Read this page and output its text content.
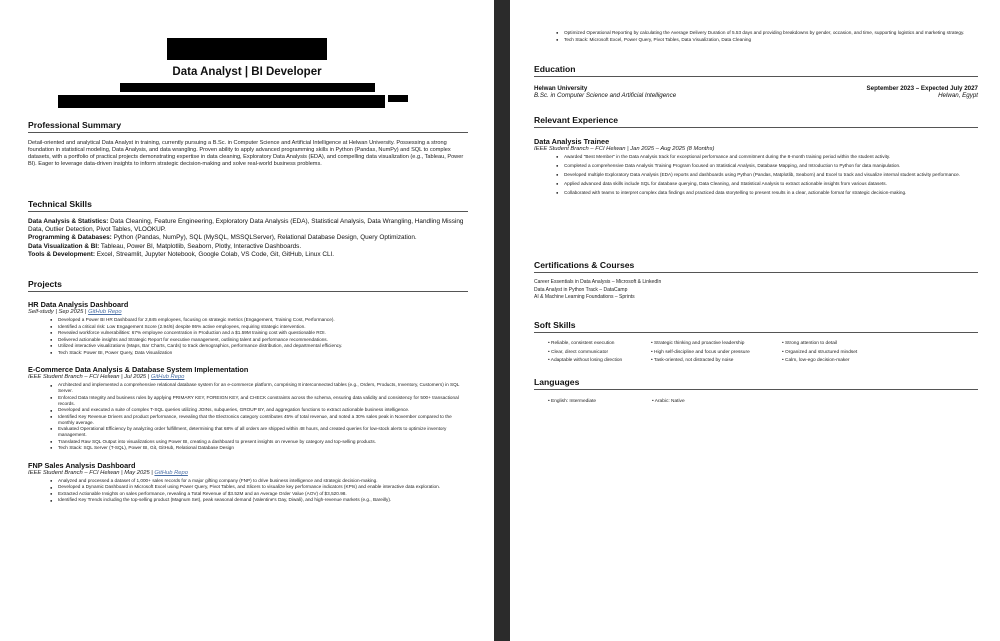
Data Analyst | BI Developer
Professional Summary
Detail-oriented and analytical Data Analyst in training, currently pursuing a B.Sc. in Computer Science and Artificial Intelligence at Helwan University. Possessing a strong foundation in statistical modeling, Data Analysis, and data wrangling. Proven ability to apply advanced programming skills in Python (Pandas, NumPy) and SQL to complex datasets, with a portfolio of practical projects demonstrating expertise in data cleaning, Exploratory Data Analysis (EDA), and compelling data visualization (e.g., Tableau, Power BI). Eager to leverage data-driven insights to inform strategic decision-making and solve real-world business problems.
Technical Skills
Data Analysis & Statistics: Data Cleaning, Feature Engineering, Exploratory Data Analysis (EDA), Statistical Analysis, Data Wrangling, Handling Missing Data, Outlier Detection, Pivot Tables, VLOOKUP.
Programming & Databases: Python (Pandas, NumPy), SQL (MySQL, MSSQLServer), Relational Database Design, Query Optimization.
Data Visualization & BI: Tableau, Power BI, Matplotlib, Seaborn, Plotly, Interactive Dashboards.
Tools & Development: Excel, Streamlit, Jupyter Notebook, Google Colab, VS Code, Git, GitHub, Linux CLI.
Projects
HR Data Analysis Dashboard
Self-study | Sep 2025 | GitHub Repo
● Developed a Power BI HR Dashboard for 2,845 employees, focusing on strategic metrics (Engagement, Training Cost, Performance).
● Identified a critical risk: Low Engagement Score (2.94/6) despite 86% active employees, requiring strategic intervention.
● Revealed workforce vulnerabilities: 67% employee concentration in Production and a $1.59M training cost with questionable ROI.
● Delivered actionable insights and Strategic Report for executive management, outlining talent and performance recommendations.
● Utilized interactive visualizations (Maps, Bar Charts, Cards) to track demographics, performance distribution, and departmental efficiency.
● Tech Stack: Power BI, Power Query, Data Visualization
E-Commerce Data Analysis & Database System Implementation
IEEE Student Branch – FCI Helwan | Jul 2025 | GitHub Repo
● Architected and implemented a comprehensive relational database system for an e-commerce platform, comprising 8 interconnected tables (e.g., Orders, Products, Inventory, Customers) in SQL Server.
● Enforced Data Integrity and business rules by applying PRIMARY KEY, FOREIGN KEY, and CHECK constraints across the schema, ensuring data validity and consistency for 500+ transactional records.
● Developed and executed a suite of complex T-SQL queries utilizing JOINs, subqueries, GROUP BY, and aggregation functions to extract actionable business intelligence.
● Identified Key Revenue Drivers and product performance, revealing that the Electronics category contributes 45% of total revenue, and noted a 30% sales peak in November compared to the monthly average.
● Evaluated Operational Efficiency by analyzing order fulfillment, determining that 68% of all orders are shipped within 48 hours, and created queries for low-stock alerts to optimize inventory management.
● Translated Raw SQL Output into visualizations using Power BI, creating a dashboard to present insights on revenue by category and top-selling products.
● Tech Stack: SQL Server (T-SQL), Power BI, Git, GitHub, Relational Database Design
FNP Sales Analysis Dashboard
IEEE Student Branch – FCI Helwan | May 2025 | GitHub Repo
● Analyzed and processed a dataset of 1,000+ sales records for a major gifting company (FNP) to drive business intelligence and strategic decision-making.
● Developed a Dynamic Dashboard in Microsoft Excel using Power Query, Pivot Tables, and Slicers to visualize key performance indicators (KPIs) and enable interactive data exploration.
● Extracted Actionable Insights on sales performance, revealing a Total Revenue of $3.52M and an Average Order Value (AOV) of $3,520.98.
● Identified Key Trends including the top-selling product (Magnum Set), peak seasonal demand (Valentine's Day, Diwali), and high-revenue markets (e.g., Bareilly).
● Optimized Operational Reporting by calculating the Average Delivery Duration of 5.53 days and providing breakdowns by gender, occasion, and time, supporting logistics and marketing strategy.
● Tech Stack: Microsoft Excel, Power Query, Pivot Tables, Data Visualization, Data Cleaning
Education
Helwan University	September 2023 – Expected July 2027
B.Sc. in Computer Science and Artificial Intelligence	Helwan, Egypt
Relevant Experience
Data Analysis Trainee
IEEE Student Branch – FCI Helwan | Jan 2025 – Aug 2025 (8 Months)
● Awarded "Best Member" in the Data Analysis track for exceptional performance and commitment during the 8-month training period within the student activity.
● Completed a comprehensive Data Analysis Training Program focused on Statistical Analysis, Database Mapping, and Introduction to Python for data manipulation.
● Developed multiple Exploratory Data Analysis (EDA) reports and dashboards using Python (Pandas, Matplotlib, Seaborn) and Excel to track and visualize internal student activity performance.
● Applied advanced data skills include SQL for database querying, Data Cleaning, and Statistical Analysis to extract actionable insights from various datasets.
● Collaborated with teams to interpret complex data findings and practiced data storytelling to present results in a clear, actionable format for strategic decision-making.
Certifications & Courses
Career Essentials in Data Analysis – Microsoft & LinkedIn
Data Analyst in Python Track – DataCamp
AI & Machine Learning Foundations – Sprints
Soft Skills
• Reliable, consistent execution	• Strategic thinking and proactive leadership	• Strong attention to detail
• Clear, direct communicator	• High self-discipline and focus under pressure	• Organized and structured mindset
• Adaptable without losing direction	• Task-oriented, not distracted by noise	• Calm, low-ego decision-maker
Languages
• English: Intermediate	• Arabic: Native
